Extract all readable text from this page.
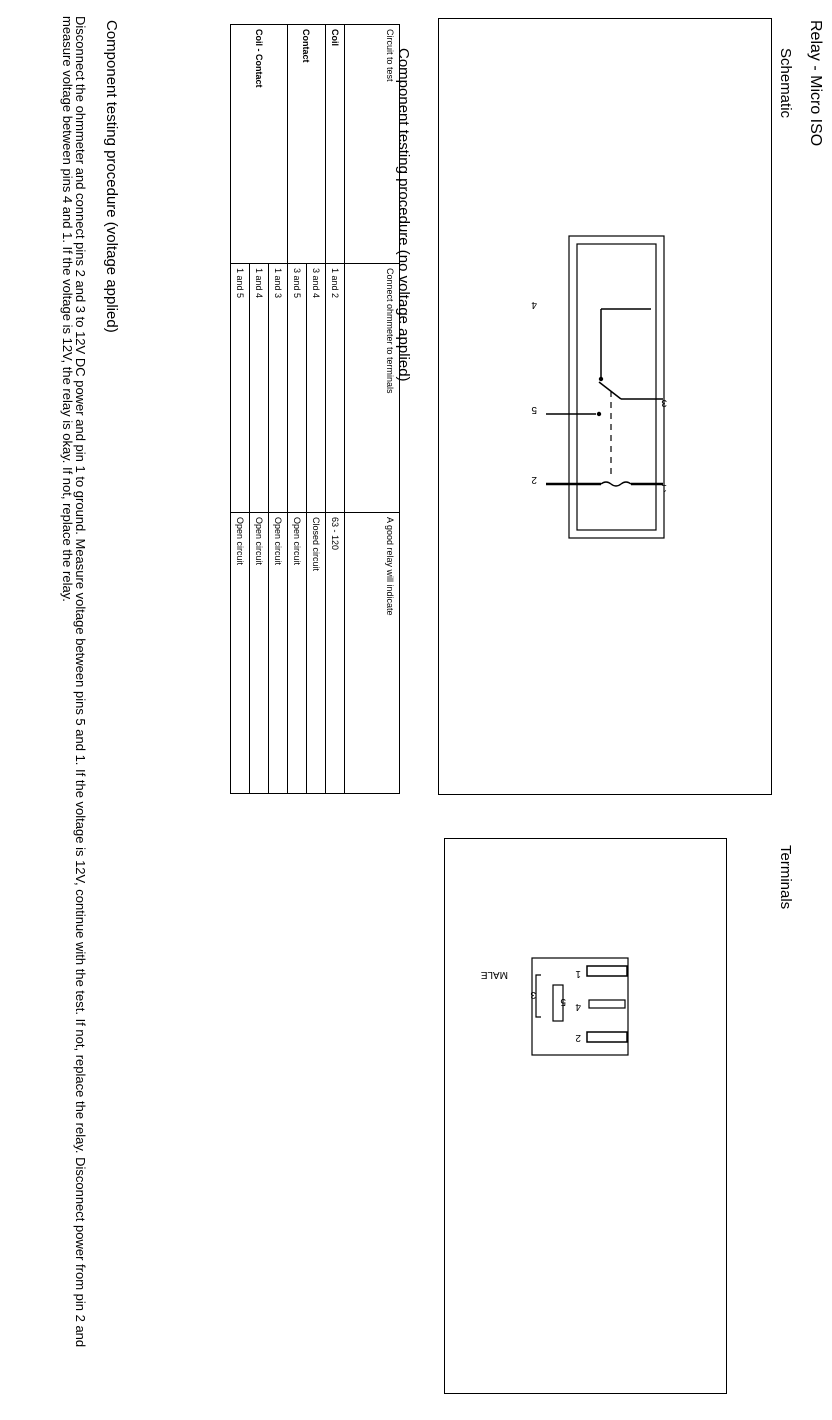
Relay - Micro ISO
Schematic
4
3
5
2
1
Terminals
1
4
2
5
3
MALE
Component testing procedure (no voltage applied)
Circuit to test	Connect ohmmeter to terminals	A good relay will indicate
Coil	1 and 2	63 - 120
Contact	3 and 4	Closed circuit
	3 and 5	Open circuit
Coil - Contact	1 and 3	Open circuit
	1 and 4	Open circuit
	1 and 5	Open circuit
Component testing procedure (voltage applied)
Disconnect the ohmmeter and connect pins 2 and 3 to 12V DC power and pin 1 to ground. Measure voltage between pins 5 and 1. If the voltage is 12V, continue with the test. If not, replace the relay. Disconnect power from pin 2 and measure voltage between pins 4 and 1. If the voltage is 12V, the relay is okay. If not, replace the relay.
